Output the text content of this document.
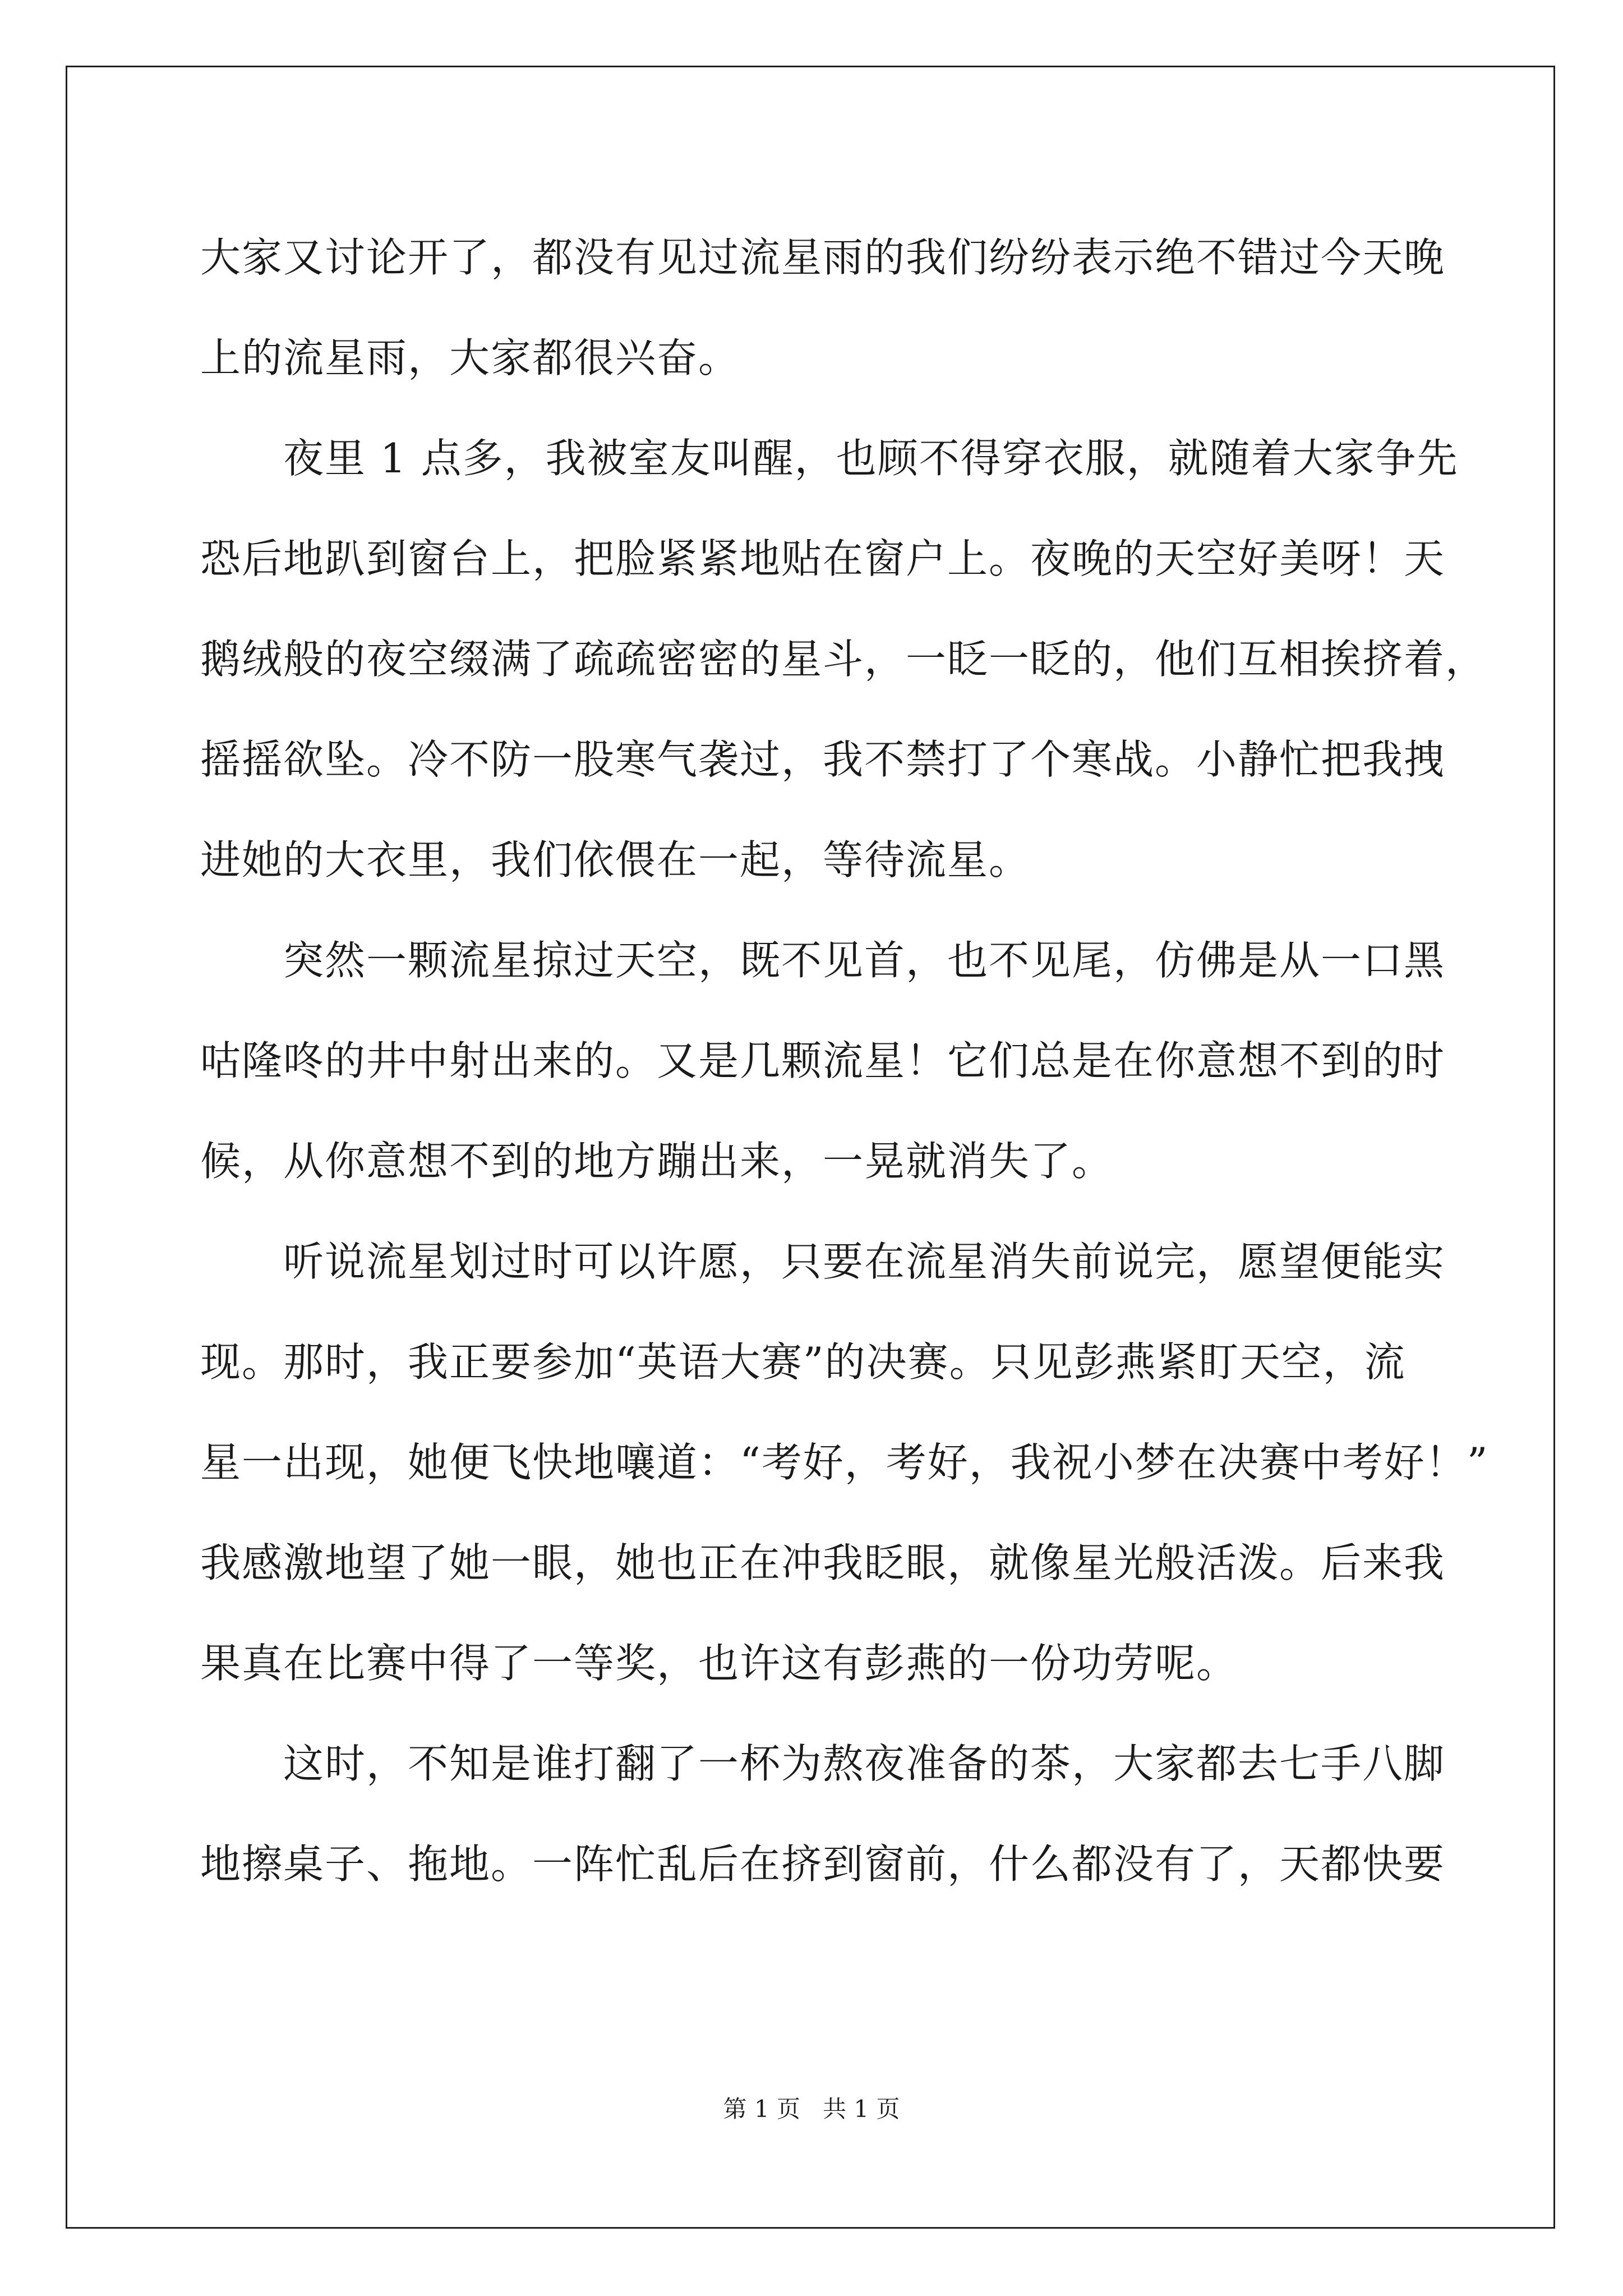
大家又讨论开了，都没有见过流星雨的我们纷纷表示绝不错过今天晚
上的流星雨，大家都很兴奋。
夜里 1 点多，我被室友叫醒，也顾不得穿衣服，就随着大家争先
恐后地趴到窗台上，把脸紧紧地贴在窗户上。夜晚的天空好美呀！天
鹅绒般的夜空缀满了疏疏密密的星斗，一眨一眨的，他们互相挨挤着，
摇摇欲坠。冷不防一股寒气袭过，我不禁打了个寒战。小静忙把我拽
进她的大衣里，我们依偎在一起，等待流星。
突然一颗流星掠过天空，既不见首，也不见尾，仿佛是从一口黑
咕隆咚的井中射出来的。又是几颗流星！它们总是在你意想不到的时
候，从你意想不到的地方蹦出来，一晃就消失了。
听说流星划过时可以许愿，只要在流星消失前说完，愿望便能实
现。那时，我正要参加“英语大赛”的决赛。只见彭燕紧盯天空，流
星一出现，她便飞快地嚷道：“考好，考好，我祝小梦在决赛中考好！”
我感激地望了她一眼，她也正在冲我眨眼，就像星光般活泼。后来我
果真在比赛中得了一等奖，也许这有彭燕的一份功劳呢。
这时，不知是谁打翻了一杯为熬夜准备的茶，大家都去七手八脚
地擦桌子、拖地。一阵忙乱后在挤到窗前，什么都没有了，天都快要
第 1 页   共 1 页
